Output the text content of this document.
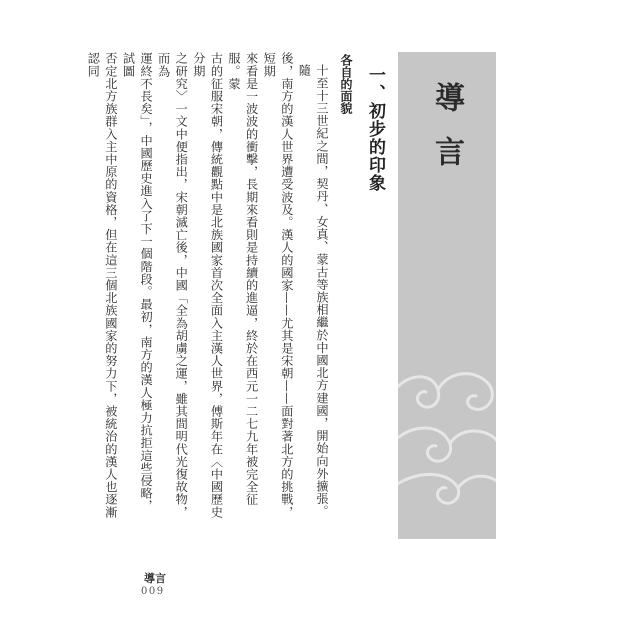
導言
一、初步的印象
各自的面貌

十至十三世紀之間，契丹、女真、蒙古等族相繼於中國北方建國，開始向外擴張。隨

後，南方的漢人世界遭受波及。漢人的國家——尤其是宋朝——面對著北方的挑戰，短期

來看是一波波的衝擊，長期來看則是持續的進逼，終於在西元一二七九年被完全征服。蒙

古的征服宋朝，傳統觀點中是北族國家首次全面入主漢人世界，傅斯年在〈中國歷史分期

之研究〉一文中便指出，宋朝滅亡後，中國「全為胡虜之運，雖其間明代光復故物，而為

運終不長矣」，中國歷史進入了下一個階段。最初，南方的漢人極力抗拒這些侵略，試圖

否定北方族群入主中原的資格，但在這三個北族國家的努力下，被統治的漢人也逐漸認同

導言
009
